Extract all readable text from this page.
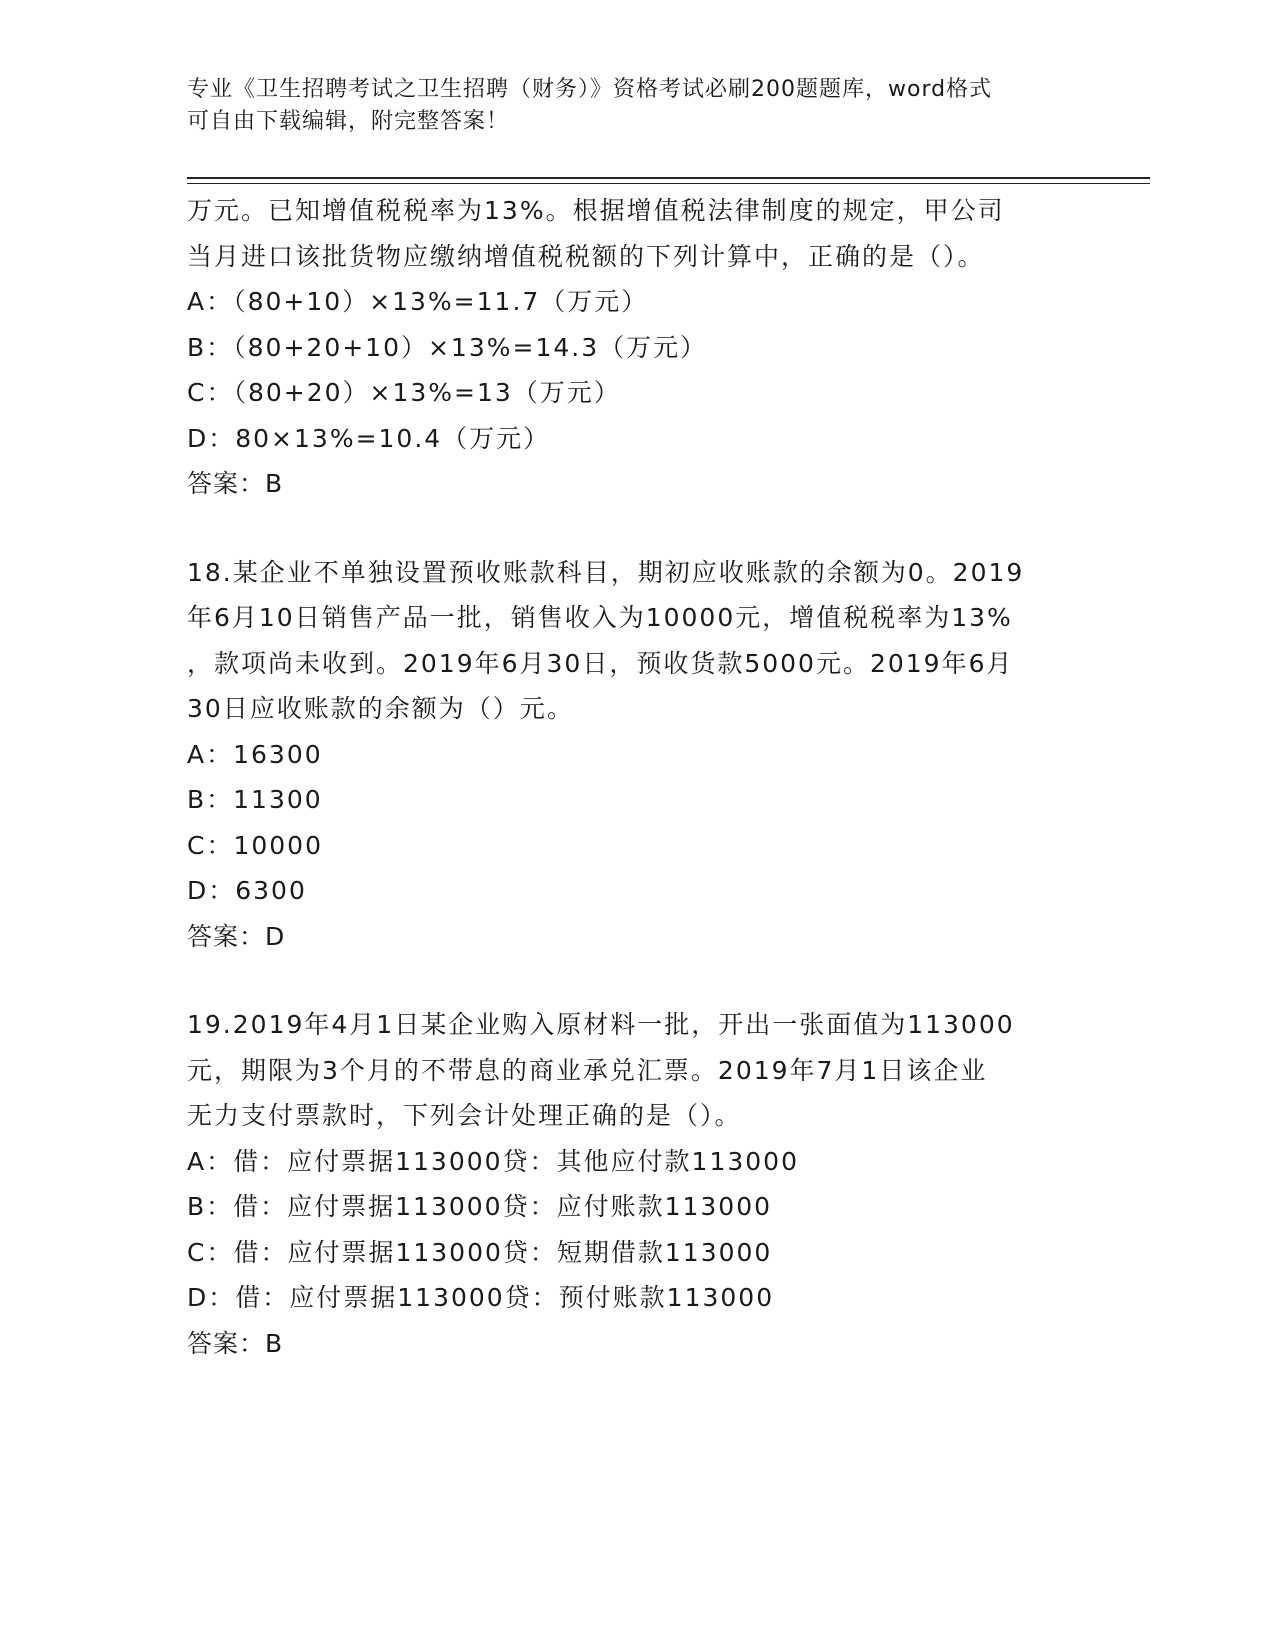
专业《卫生招聘考试之卫生招聘（财务）》资格考试必刷200题题库，word格式
可自由下载编辑，附完整答案！
万元。已知增值税税率为13%。根据增值税法律制度的规定，甲公司
当月进口该批货物应缴纳增值税税额的下列计算中，正确的是（）。
A：（80+10）×13%=11.7（万元）
B：（80+20+10）×13%=14.3（万元）
C：（80+20）×13%=13（万元）
D：80×13%=10.4（万元）
答案：B
18.某企业不单独设置预收账款科目，期初应收账款的余额为0。2019
年6月10日销售产品一批，销售收入为10000元，增值税税率为13%
，款项尚未收到。2019年6月30日，预收货款5000元。2019年6月
30日应收账款的余额为（）元。
A：16300
B：11300
C：10000
D：6300
答案：D
19.2019年4月1日某企业购入原材料一批，开出一张面值为113000
元，期限为3个月的不带息的商业承兑汇票。2019年7月1日该企业
无力支付票款时，下列会计处理正确的是（）。
A：借：应付票据113000贷：其他应付款113000
B：借：应付票据113000贷：应付账款113000
C：借：应付票据113000贷：短期借款113000
D：借：应付票据113000贷：预付账款113000
答案：B
